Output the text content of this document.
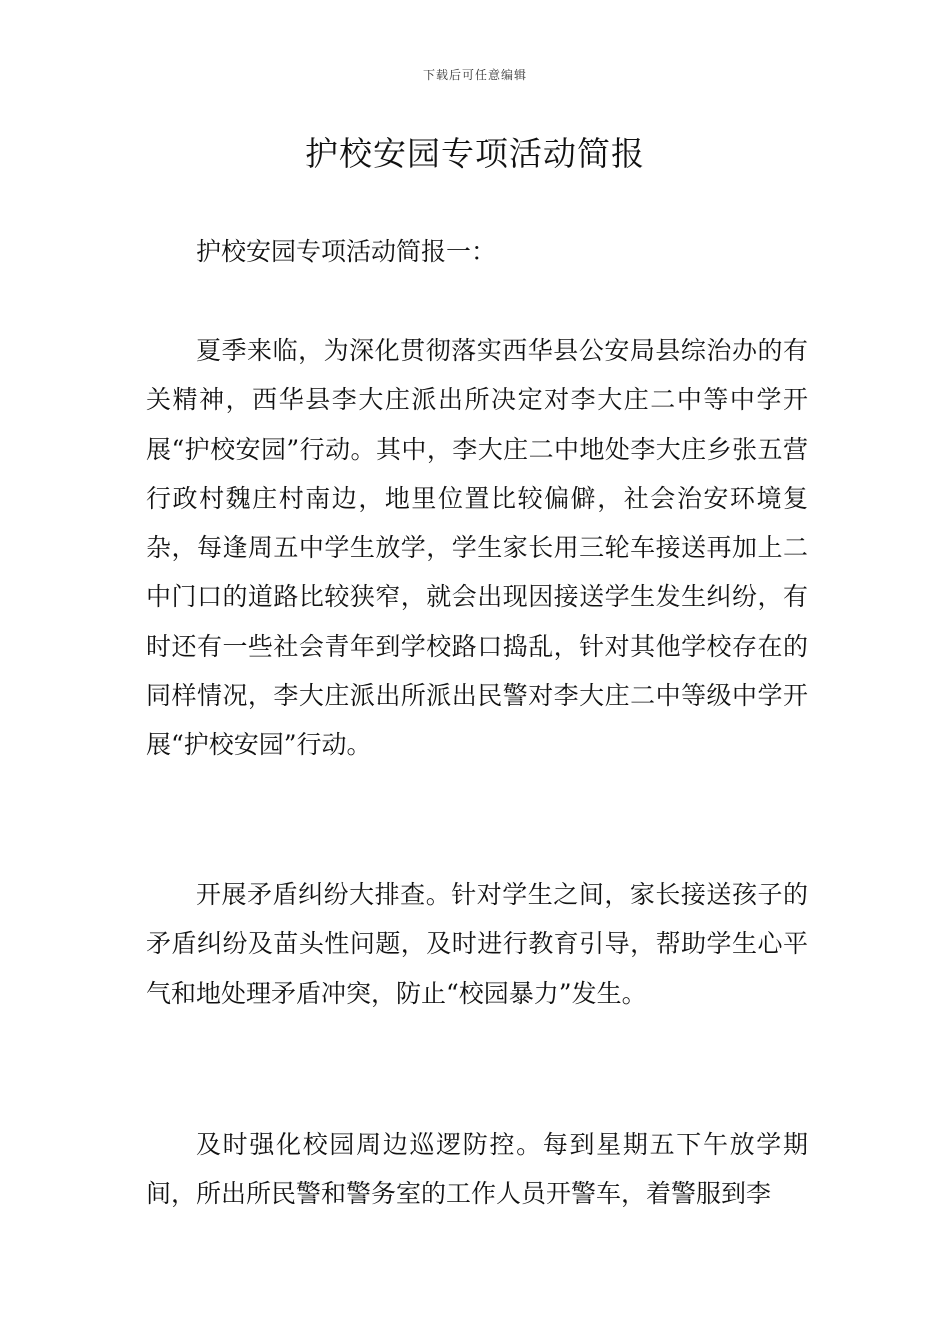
下载后可任意编辑
护校安园专项活动简报

护校安园专项活动简报一：

夏季来临，为深化贯彻落实西华县公安局县综治办的有关精神，西华县李大庄派出所决定对李大庄二中等中学开展“护校安园”行动。其中，李大庄二中地处李大庄乡张五营行政村魏庄村南边，地里位置比较偏僻，社会治安环境复杂，每逢周五中学生放学，学生家长用三轮车接送再加上二中门口的道路比较狭窄，就会出现因接送学生发生纠纷，有时还有一些社会青年到学校路口捣乱，针对其他学校存在的同样情况，李大庄派出所派出民警对李大庄二中等级中学开展“护校安园”行动。

开展矛盾纠纷大排查。针对学生之间，家长接送孩子的矛盾纠纷及苗头性问题，及时进行教育引导，帮助学生心平气和地处理矛盾冲突，防止“校园暴力”发生。

及时强化校园周边巡逻防控。每到星期五下午放学期间，所出所民警和警务室的工作人员开警车，着警服到李
